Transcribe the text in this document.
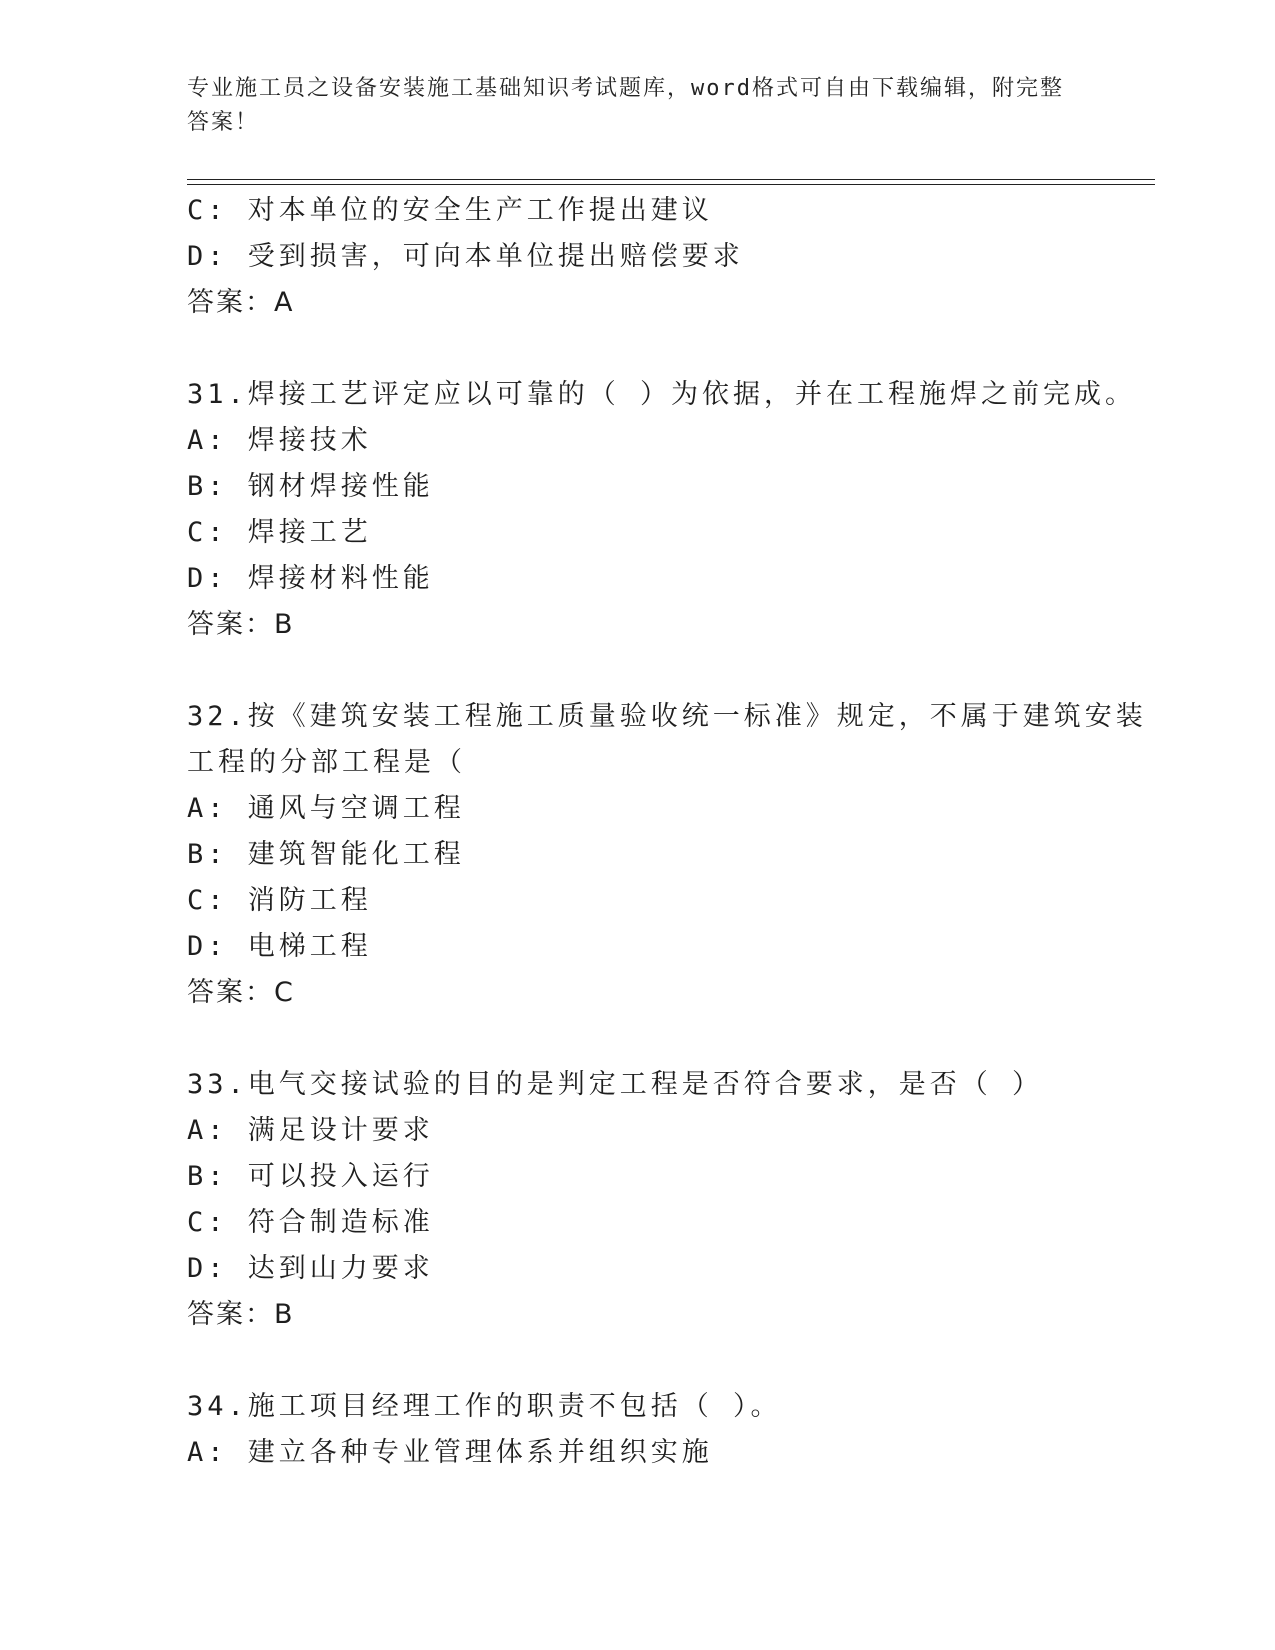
专业施工员之设备安装施工基础知识考试题库，word格式可自由下载编辑，附完整答案！
C: 对本单位的安全生产工作提出建议
D: 受到损害，可向本单位提出赔偿要求
答案：A
31.焊接工艺评定应以可靠的（ ）为依据，并在工程施焊之前完成。
A: 焊接技术
B: 钢材焊接性能
C: 焊接工艺
D: 焊接材料性能
答案：B
32.按《建筑安装工程施工质量验收统一标准》规定，不属于建筑安装
工程的分部工程是（
A: 通风与空调工程
B: 建筑智能化工程
C: 消防工程
D: 电梯工程
答案：C
33.电气交接试验的目的是判定工程是否符合要求，是否（ ）
A: 满足设计要求
B: 可以投入运行
C: 符合制造标准
D: 达到山力要求
答案：B
34.施工项目经理工作的职责不包括（ ）。
A: 建立各种专业管理体系并组织实施
